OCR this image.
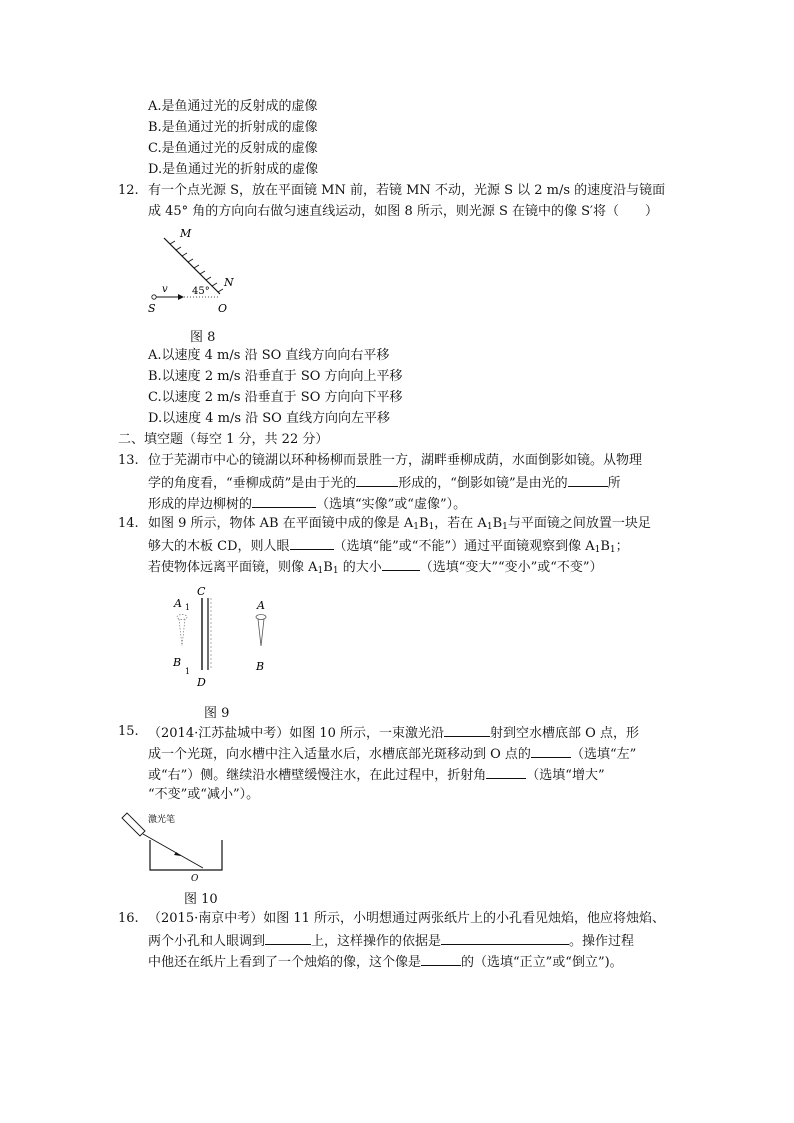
A.是鱼通过光的反射成的虚像
B.是鱼通过光的折射成的虚像
C.是鱼通过光的反射成的虚像
D.是鱼通过光的折射成的虚像
12. 有一个点光源 S，放在平面镜 MN 前，若镜 MN 不动，光源 S 以 2 m/s 的速度沿与镜面
成 45° 角的方向向右做匀速直线运动，如图 8 所示，则光源 S 在镜中的像 S′将（　　）
M
N
O
S
v 45°
图 8
A.以速度 4 m/s 沿 SO 直线方向向右平移
B.以速度 2 m/s 沿垂直于 SO 方向向上平移
C.以速度 2 m/s 沿垂直于 SO 方向向下平移
D.以速度 4 m/s 沿 SO 直线方向向左平移
二、填空题（每空 1 分，共 22 分）
13. 位于芜湖市中心的镜湖以环种杨柳而景胜一方，湖畔垂柳成荫，水面倒影如镜。从物理
学的角度看，“垂柳成荫”是由于光的	形成的，“倒影如镜”是由光的	所
形成的岸边柳树的	（选填“实像”或“虚像”）。
14. 如图 9 所示，物体 AB 在平面镜中成的像是 $A_1B_1$，若在 $A_1B_1$与平面镜之间放置一块足
够大的木板 CD，则人眼	（选填“能”或“不能”）通过平面镜观察到像 $A_1B_1$；
若使物体远离平面镜，则像 $A_1B_1$ 的大小	（选填“变大”“变小”或“不变”）
A 1
B
1
C
D
A
B
图 9
15. （2014·江苏盐城中考）如图 10 所示，一束激光沿	射到空水槽底部 O 点，形
成一个光斑，向水槽中注入适量水后，水槽底部光斑移动到 O 点的	（选填“左”
或“右”）侧。继续沿水槽壁缓慢注水，在此过程中，折射角	（选填“增大”
“不变”或“减小”）。
激光笔
O
图 10
16. （2015·南京中考）如图 11 所示，小明想通过两张纸片上的小孔看见烛焰，他应将烛焰、
两个小孔和人眼调到	上，这样操作的依据是	。操作过程
中他还在纸片上看到了一个烛焰的像，这个像是	的（选填“正立”或“倒立”)。
